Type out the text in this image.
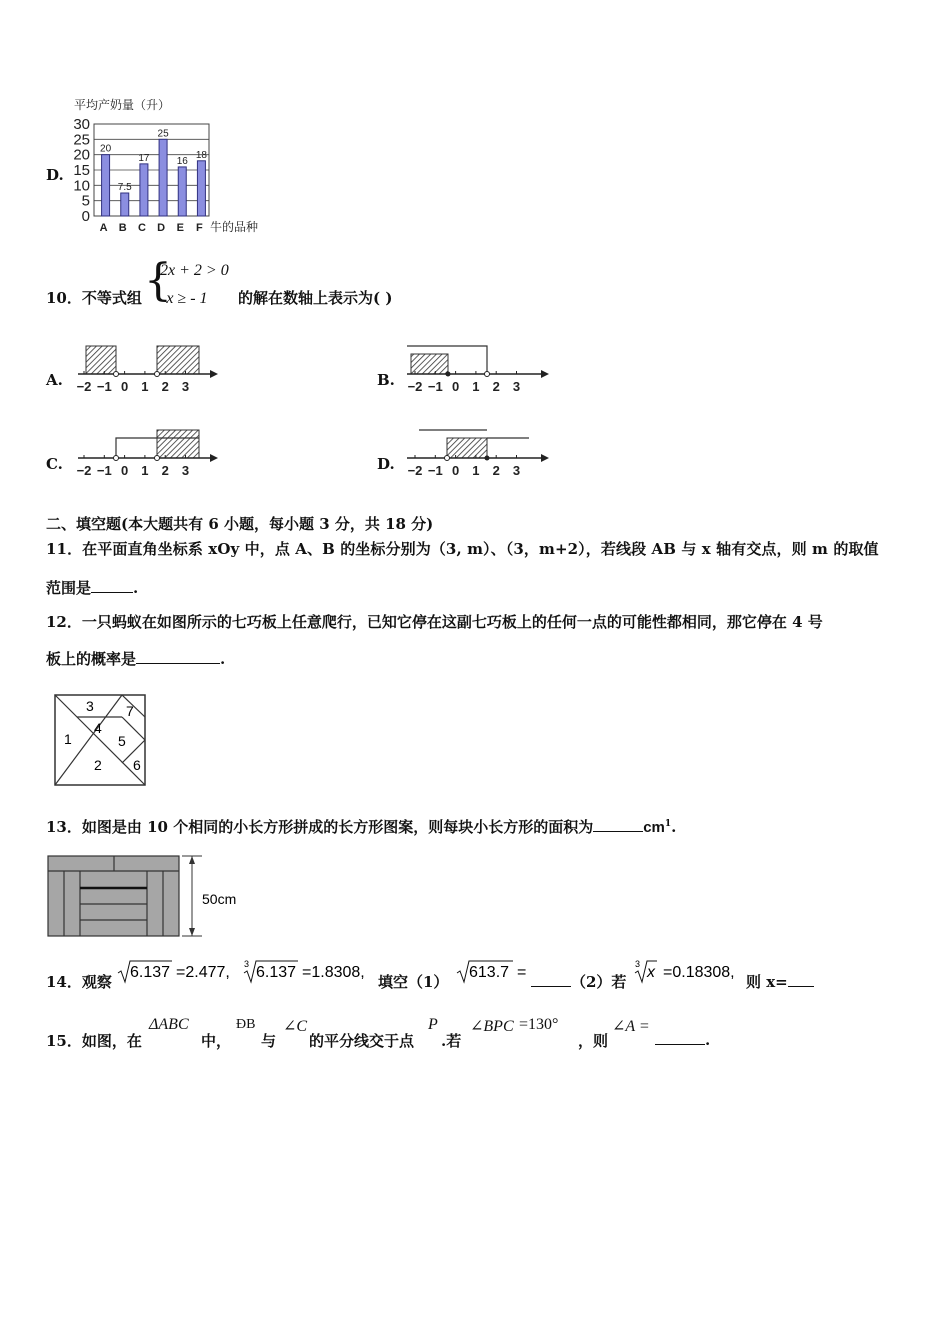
D.
平均产奶量（升）
0
5
10
15
20
25
30
20
A
7.5
B
17
C
25
D
16
E
18
F 牛的品种
10．不等式组 {
2x + 2 > 0
- x ≥ - 1 的解在数轴上表示为( )
A.	B.
C.	D.
−2 −1 0 1 2 3	−2 −1 0 1 2 3
−2 −1 0 1 2 3	−2 −1 0 1 2 3
二、填空题(本大题共有 6 小题，每小题 3 分，共 18 分)
11．在平面直角坐标系 xOy 中，点 A、B 的坐标分别为（3, m）、（3，m+2），若线段 AB 与 x 轴有交点，则 m 的取值
范围是	.
12．一只蚂蚁在如图所示的七巧板上任意爬行，已知它停在这副七巧板上的任何一点的可能性都相同，那它停在 4 号
板上的概率是	.
3 7
4
1	5
2 6
13．如图是由 10 个相同的小长方形拼成的长方形图案，则每块小长方形的面积为	$cm^1$.
50cm
14．观察
6.137 =2.477, 3 6.137 =1.8308,
填空（1）
613.7 =
（2）若
3 x =0.18308,
则 x=
15．如图，在
ΔABC
中，
ÐB
与
∠C
的平分线交于点
P
.若
∠BPC =130°
，则
∠A =
.
